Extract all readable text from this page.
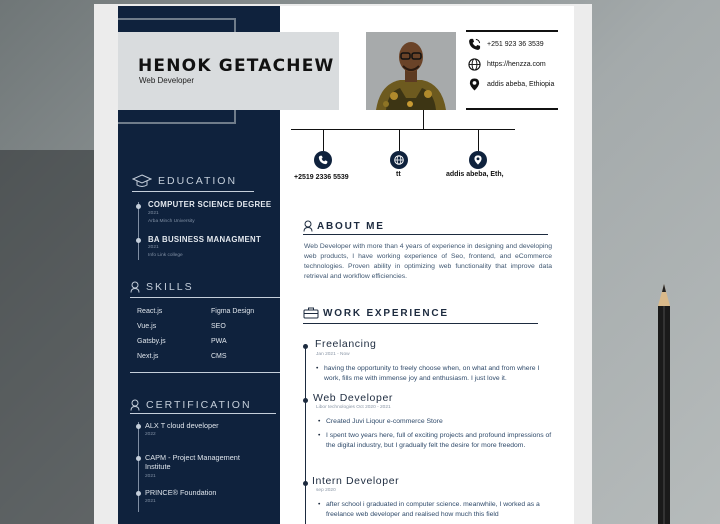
HENOK GETACHEW
Web Developer
+251 923 36 3539
https://henzza.com
addis abeba, Ethiopia
+2519 2336 5539	tt	addis abeba, Eth,
EDUCATION
COMPUTER SCIENCE DEGREE
2021
Arba Minch University
BA BUSINESS MANAGMENT
2021
Info Link college
SKILLS
React.js
Vue.js
Gatsby.js
Next.js
Figma Design
SEO
PWA
CMS
CERTIFICATION
ALX T cloud developer
2022
CAPM - Project Management Institute
2021
PRINCE® Foundation
2021
ABOUT ME
Web Developer with more than 4 years of experience in designing and developing web products, I have working experience of Seo, frontend, and eCommerce technologies. Proven ability in optimizing web functionality that improve data retrieval and workflow efficiencies.
WORK EXPERIENCE
Freelancing
Jan 2021 - Now
• having the opportunity to freely choose when, on what and from where I work, fills me with immense joy and enthusiasm. I just love it.
Web Developer
Libor technologies Oct 2020 - 2021
• Created Juvi Liqour e-commerce Store
• I spent two years here, full of exciting projects and profound impressions of the digital industry, but I gradually felt the desire for more freedom.
Intern Developer
sep 2020
• after school i graduated in computer science. meanwhile, I worked as a freelance web developer and realised how much this field
